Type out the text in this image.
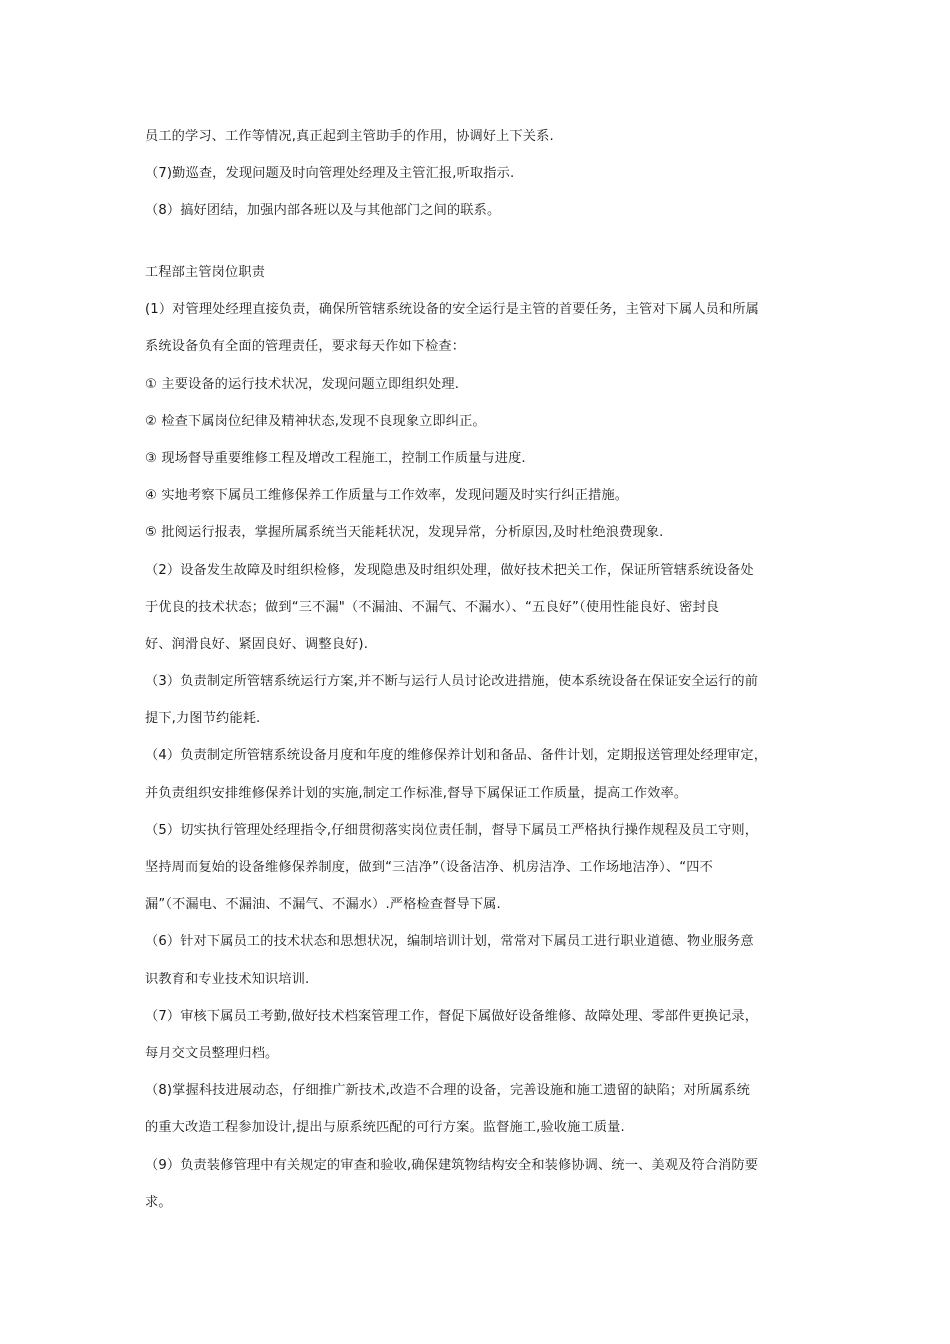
员工的学习、工作等情况,真正起到主管助手的作用，协调好上下关系.
（7)勤巡查，发现问题及时向管理处经理及主管汇报,听取指示.
（8）搞好团结，加强内部各班以及与其他部门之间的联系。
工程部主管岗位职责
(1）对管理处经理直接负责，确保所管辖系统设备的安全运行是主管的首要任务，主管对下属人员和所属
系统设备负有全面的管理责任，要求每天作如下检查：
① 主要设备的运行技术状况，发现问题立即组织处理.
② 检查下属岗位纪律及精神状态,发现不良现象立即纠正。
③ 现场督导重要维修工程及增改工程施工，控制工作质量与进度.
④ 实地考察下属员工维修保养工作质量与工作效率，发现问题及时实行纠正措施。
⑤ 批阅运行报表，掌握所属系统当天能耗状况，发现异常，分析原因,及时杜绝浪费现象.
（2）设备发生故障及时组织检修，发现隐患及时组织处理，做好技术把关工作，保证所管辖系统设备处
于优良的技术状态；做到“三不漏"（不漏油、不漏气、不漏水）、“五良好”（使用性能良好、密封良
好、润滑良好、紧固良好、调整良好).
（3）负责制定所管辖系统运行方案,并不断与运行人员讨论改进措施，使本系统设备在保证安全运行的前
提下,力图节约能耗.
（4）负责制定所管辖系统设备月度和年度的维修保养计划和备品、备件计划，定期报送管理处经理审定，
并负责组织安排维修保养计划的实施,制定工作标准,督导下属保证工作质量，提高工作效率。
（5）切实执行管理处经理指令,仔细贯彻落实岗位责任制，督导下属员工严格执行操作规程及员工守则，
坚持周而复始的设备维修保养制度，做到“三洁净”（设备洁净、机房洁净、工作场地洁净）、“四不
漏”（不漏电、不漏油、不漏气、不漏水）.严格检查督导下属.
（6）针对下属员工的技术状态和思想状况，编制培训计划，常常对下属员工进行职业道德、物业服务意
识教育和专业技术知识培训.
（7）审核下属员工考勤,做好技术档案管理工作，督促下属做好设备维修、故障处理、零部件更换记录，
每月交文员整理归档。
（8)掌握科技进展动态，仔细推广新技术,改造不合理的设备，完善设施和施工遗留的缺陷；对所属系统
的重大改造工程参加设计,提出与原系统匹配的可行方案。监督施工,验收施工质量.
（9）负责装修管理中有关规定的审查和验收,确保建筑物结构安全和装修协调、统一、美观及符合消防要
求。
